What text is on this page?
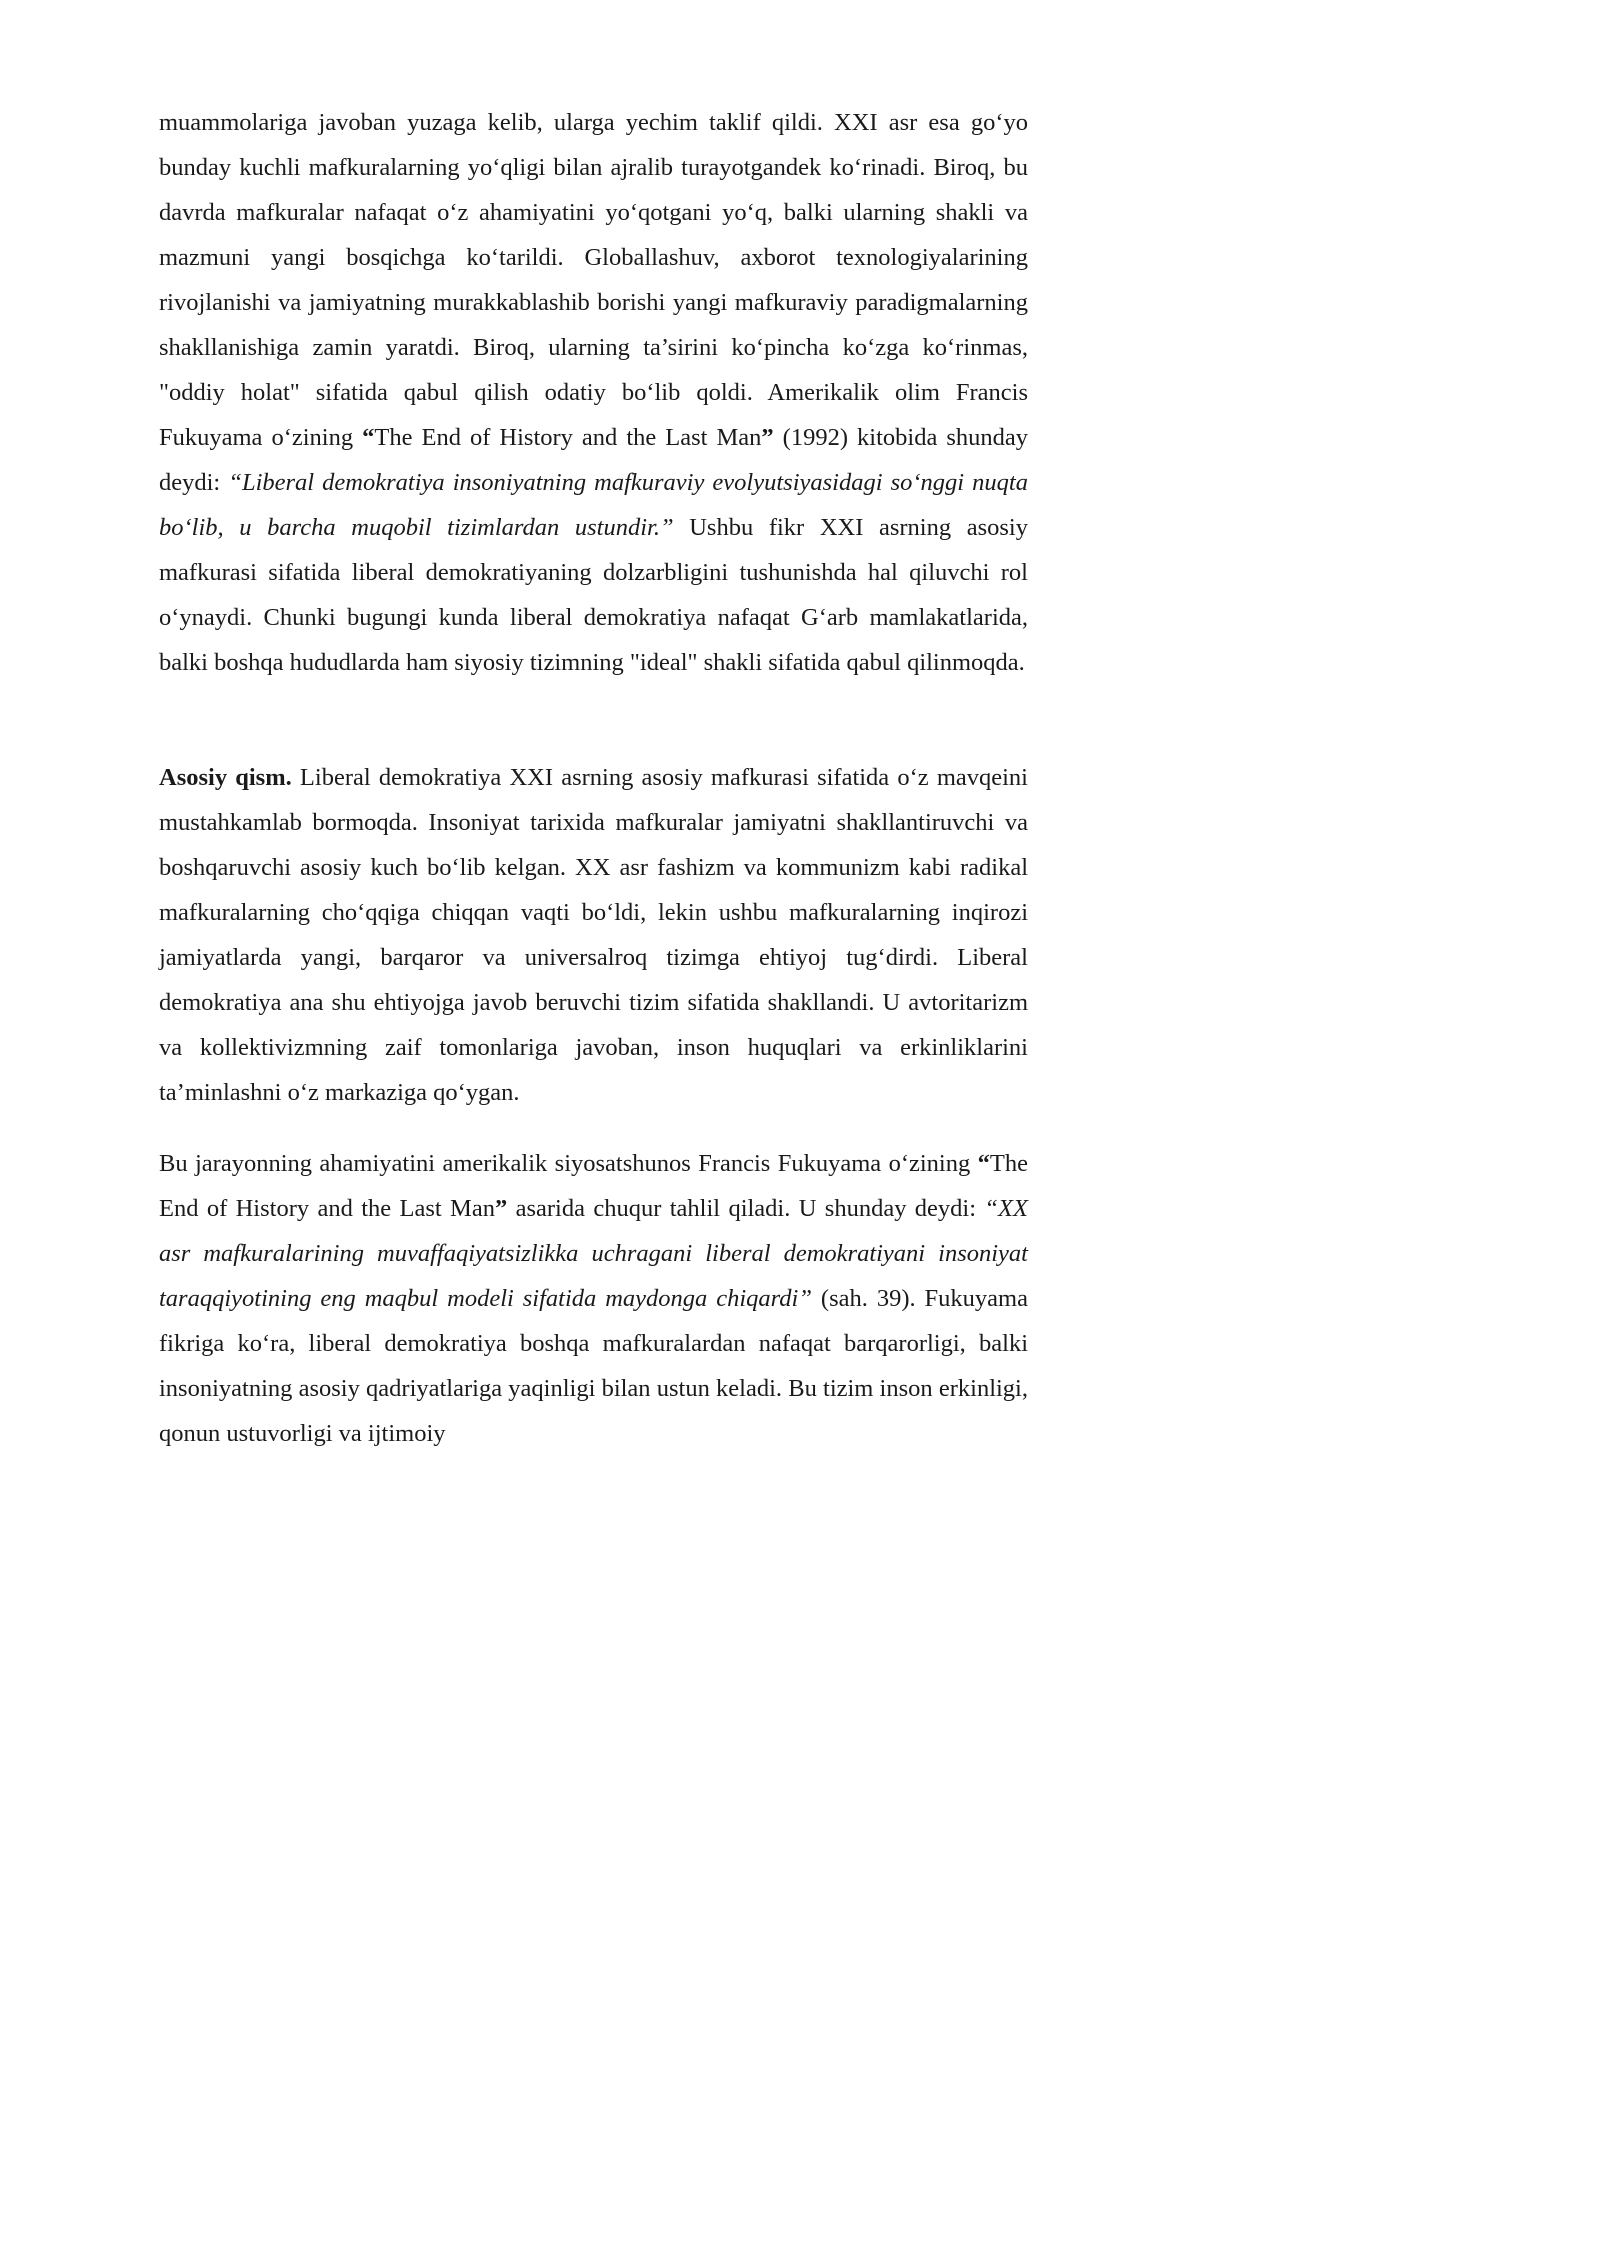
muammolariga javoban yuzaga kelib, ularga yechim taklif qildi. XXI asr esa go‘yo bunday kuchli mafkuralarning yo‘qligi bilan ajralib turayotgandek ko‘rinadi. Biroq, bu davrda mafkuralar nafaqat o‘z ahamiyatini yo‘qotgani yo‘q, balki ularning shakli va mazmuni yangi bosqichga ko‘tarildi. Globallashuv, axborot texnologiyalarining rivojlanishi va jamiyatning murakkablashib borishi yangi mafkuraviy paradigmalarning shakllanishiga zamin yaratdi. Biroq, ularning ta’sirini ko‘pincha ko‘zga ko‘rinmas, "oddiy holat" sifatida qabul qilish odatiy bo‘lib qoldi. Amerikalik olim Francis Fukuyama o‘zining “The End of History and the Last Man” (1992) kitobida shunday deydi: “Liberal demokratiya insoniyatning mafkuraviy evolyutsiyasidagi so‘nggi nuqta bo‘lib, u barcha muqobil tizimlardan ustundir.” Ushbu fikr XXI asrning asosiy mafkurasi sifatida liberal demokratiyaning dolzarbligini tushunishda hal qiluvchi rol o‘ynaydi. Chunki bugungi kunda liberal demokratiya nafaqat G‘arb mamlakatlarida, balki boshqa hududlarda ham siyosiy tizimning "ideal" shakli sifatida qabul qilinmoqda.

Asosiy qism. Liberal demokratiya XXI asrning asosiy mafkurasi sifatida o‘z mavqeini mustahkamlab bormoqda. Insoniyat tarixida mafkuralar jamiyatni shakllantiruvchi va boshqaruvchi asosiy kuch bo‘lib kelgan. XX asr fashizm va kommunizm kabi radikal mafkuralarning cho‘qqiga chiqqan vaqti bo‘ldi, lekin ushbu mafkuralarning inqirozi jamiyatlarda yangi, barqaror va universalroq tizimga ehtiyoj tug‘dirdi. Liberal demokratiya ana shu ehtiyojga javob beruvchi tizim sifatida shakllandi. U avtoritarizm va kollektivizmning zaif tomonlariga javoban, inson huquqlari va erkinliklarini ta’minlashni o‘z markaziga qo‘ygan.

Bu jarayonning ahamiyatini amerikalik siyosatshunos Francis Fukuyama o‘zining “The End of History and the Last Man” asarida chuqur tahlil qiladi. U shunday deydi: “XX asr mafkuralarining muvaffaqiyatsizlikka uchragani liberal demokratiyani insoniyat taraqqiyotining eng maqbul modeli sifatida maydonga chiqardi” (sah. 39). Fukuyama fikriga ko‘ra, liberal demokratiya boshqa mafkuralardan nafaqat barqarorligi, balki insoniyatning asosiy qadriyatlariga yaqinligi bilan ustun keladi. Bu tizim inson erkinligi, qonun ustuvorligi va ijtimoiy
